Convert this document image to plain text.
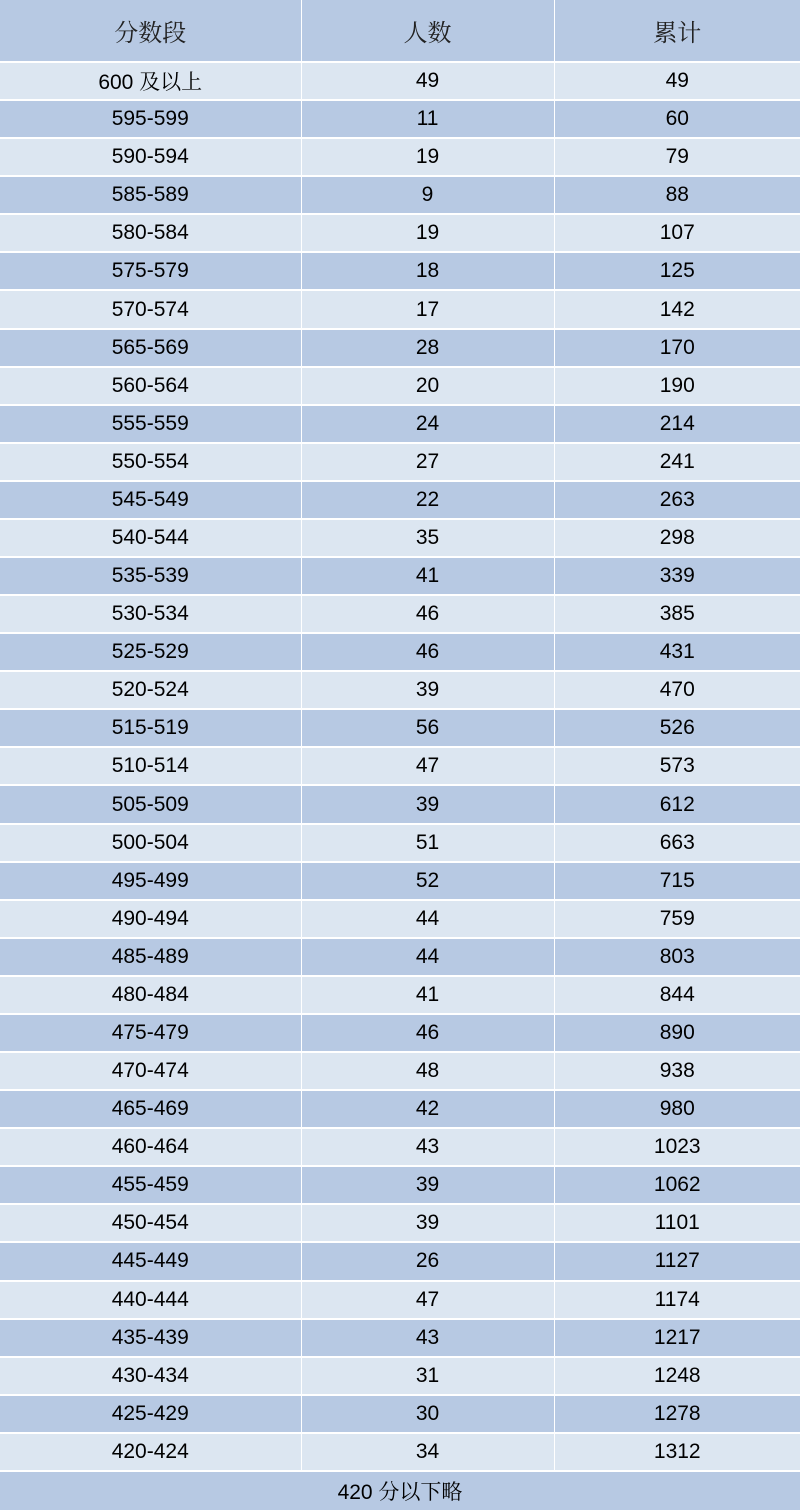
分数段	人数	累计
600 及以上	49	49
595-599	11	60
590-594	19	79
585-589	9	88
580-584	19	107
575-579	18	125
570-574	17	142
565-569	28	170
560-564	20	190
555-559	24	214
550-554	27	241
545-549	22	263
540-544	35	298
535-539	41	339
530-534	46	385
525-529	46	431
520-524	39	470
515-519	56	526
510-514	47	573
505-509	39	612
500-504	51	663
495-499	52	715
490-494	44	759
485-489	44	803
480-484	41	844
475-479	46	890
470-474	48	938
465-469	42	980
460-464	43	1023
455-459	39	1062
450-454	39	1101
445-449	26	1127
440-444	47	1174
435-439	43	1217
430-434	31	1248
425-429	30	1278
420-424	34	1312
420 分以下略		
